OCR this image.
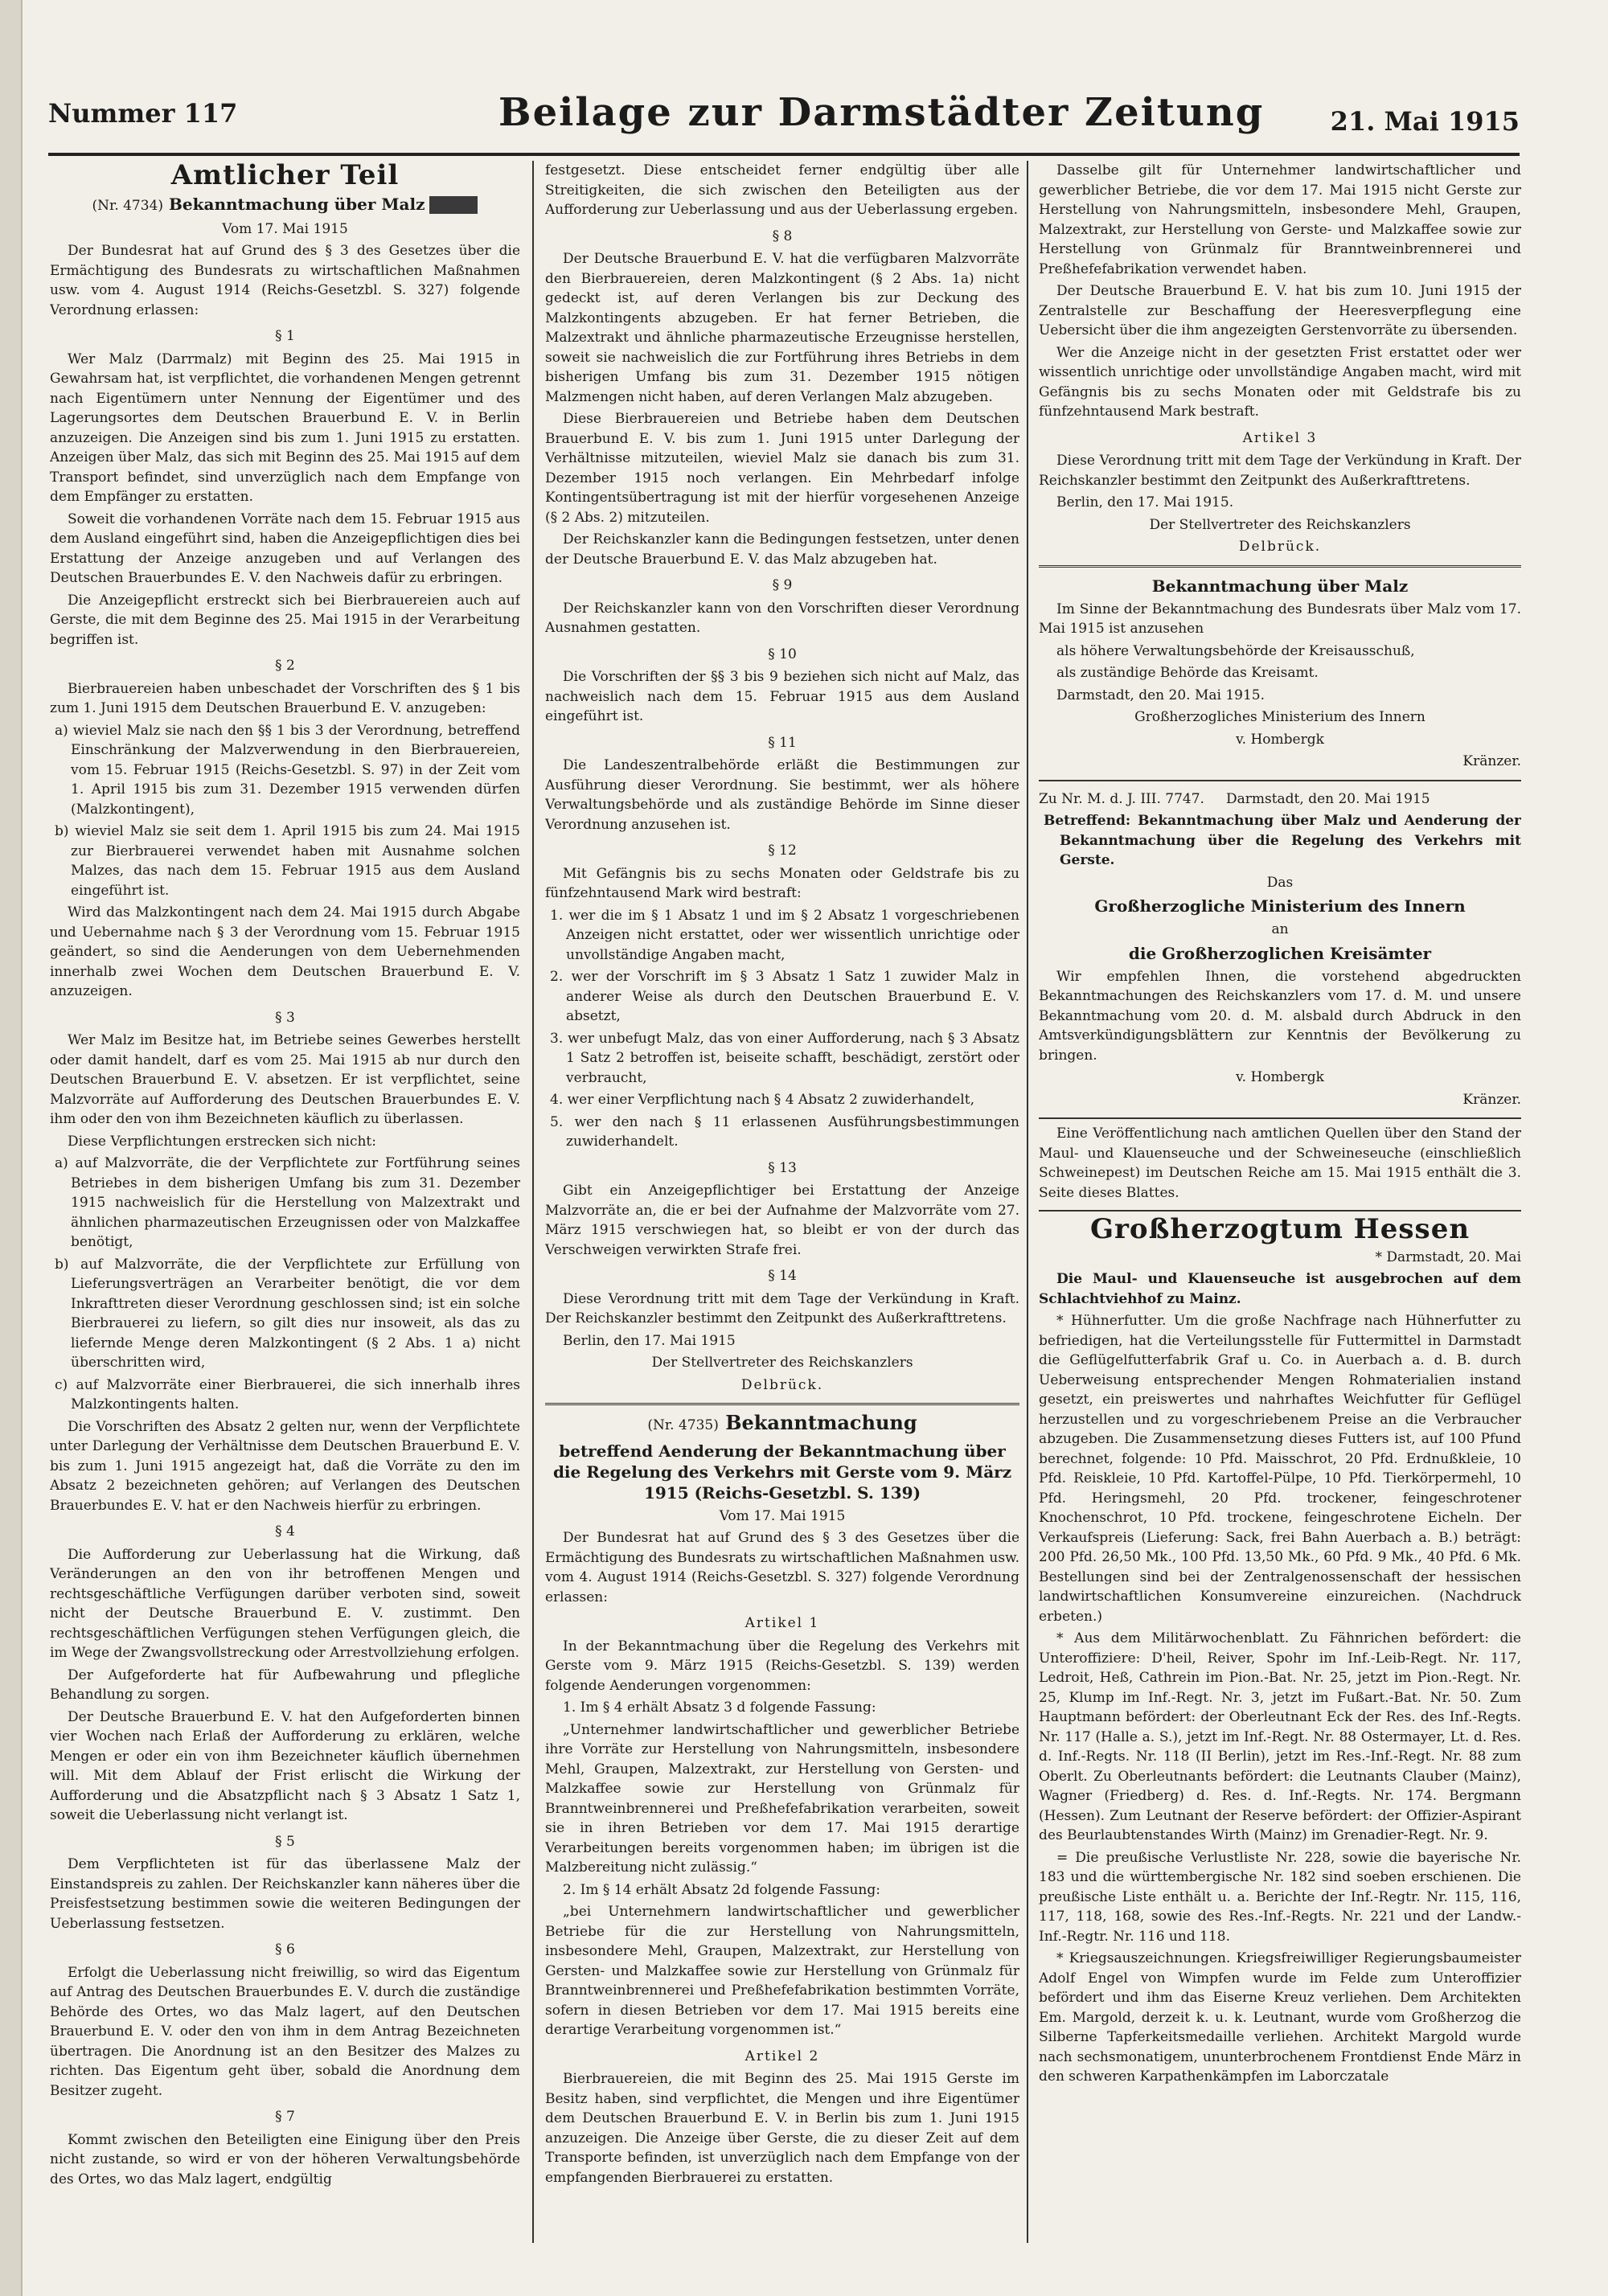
Nummer 117	Beilage zur Darmstädter Zeitung	21. Mai 1915
Amtlicher Teil
(Nr. 4734) Bekanntmachung über Malz

Vom 17. Mai 1915

Der Bundesrat hat auf Grund des § 3 des Gesetzes über die Ermächtigung des Bundesrats zu wirtschaftlichen Maßnahmen usw. vom 4. August 1914 (Reichs-Gesetzbl. S. 327) folgende Verordnung erlassen:

§ 1

Wer Malz (Darrmalz) mit Beginn des 25. Mai 1915 in Gewahrsam hat, ist verpflichtet, die vorhandenen Mengen getrennt nach Eigentümern unter Nennung der Eigentümer und des Lagerungsortes dem Deutschen Brauerbund E. V. in Berlin anzuzeigen. Die Anzeigen sind bis zum 1. Juni 1915 zu erstatten. Anzeigen über Malz, das sich mit Beginn des 25. Mai 1915 auf dem Transport befindet, sind unverzüglich nach dem Empfange von dem Empfänger zu erstatten.

Soweit die vorhandenen Vorräte nach dem 15. Februar 1915 aus dem Ausland eingeführt sind, haben die Anzeigepflichtigen dies bei Erstattung der Anzeige anzugeben und auf Verlangen des Deutschen Brauerbundes E. V. den Nachweis dafür zu erbringen.

Die Anzeigepflicht erstreckt sich bei Bierbrauereien auch auf Gerste, die mit dem Beginne des 25. Mai 1915 in der Verarbeitung begriffen ist.

§ 2

Bierbrauereien haben unbeschadet der Vorschriften des § 1 bis zum 1. Juni 1915 dem Deutschen Brauerbund E. V. anzugeben:

a) wieviel Malz sie nach den §§ 1 bis 3 der Verordnung, betreffend Einschränkung der Malzverwendung in den Bierbrauereien, vom 15. Februar 1915 (Reichs-Gesetzbl. S. 97) in der Zeit vom 1. April 1915 bis zum 31. Dezember 1915 verwenden dürfen (Malzkontingent),

b) wieviel Malz sie seit dem 1. April 1915 bis zum 24. Mai 1915 zur Bierbrauerei verwendet haben mit Ausnahme solchen Malzes, das nach dem 15. Februar 1915 aus dem Ausland eingeführt ist.

Wird das Malzkontingent nach dem 24. Mai 1915 durch Abgabe und Uebernahme nach § 3 der Verordnung vom 15. Februar 1915 geändert, so sind die Aenderungen von dem Uebernehmenden innerhalb zwei Wochen dem Deutschen Brauerbund E. V. anzuzeigen.

§ 3

Wer Malz im Besitze hat, im Betriebe seines Gewerbes herstellt oder damit handelt, darf es vom 25. Mai 1915 ab nur durch den Deutschen Brauerbund E. V. absetzen. Er ist verpflichtet, seine Malzvorräte auf Aufforderung des Deutschen Brauerbundes E. V. ihm oder den von ihm Bezeichneten käuflich zu überlassen.

Diese Verpflichtungen erstrecken sich nicht:

a) auf Malzvorräte, die der Verpflichtete zur Fortführung seines Betriebes in dem bisherigen Umfang bis zum 31. Dezember 1915 nachweislich für die Herstellung von Malzextrakt und ähnlichen pharmazeutischen Erzeugnissen oder von Malzkaffee benötigt,

b) auf Malzvorräte, die der Verpflichtete zur Erfüllung von Lieferungsverträgen an Verarbeiter benötigt, die vor dem Inkrafttreten dieser Verordnung geschlossen sind; ist ein solche Bierbrauerei zu liefern, so gilt dies nur insoweit, als das zu liefernde Menge deren Malzkontingent (§ 2 Abs. 1 a) nicht überschritten wird,

c) auf Malzvorräte einer Bierbrauerei, die sich innerhalb ihres Malzkontingents halten.

Die Vorschriften des Absatz 2 gelten nur, wenn der Verpflichtete unter Darlegung der Verhältnisse dem Deutschen Brauerbund E. V. bis zum 1. Juni 1915 angezeigt hat, daß die Vorräte zu den im Absatz 2 bezeichneten gehören; auf Verlangen des Deutschen Brauerbundes E. V. hat er den Nachweis hierfür zu erbringen.

§ 4

Die Aufforderung zur Ueberlassung hat die Wirkung, daß Veränderungen an den von ihr betroffenen Mengen und rechtsgeschäftliche Verfügungen darüber verboten sind, soweit nicht der Deutsche Brauerbund E. V. zustimmt. Den rechtsgeschäftlichen Verfügungen stehen Verfügungen gleich, die im Wege der Zwangsvollstreckung oder Arrestvollziehung erfolgen.

Der Aufgeforderte hat für Aufbewahrung und pflegliche Behandlung zu sorgen.

Der Deutsche Brauerbund E. V. hat den Aufgeforderten binnen vier Wochen nach Erlaß der Aufforderung zu erklären, welche Mengen er oder ein von ihm Bezeichneter käuflich übernehmen will. Mit dem Ablauf der Frist erlischt die Wirkung der Aufforderung und die Absatzpflicht nach § 3 Absatz 1 Satz 1, soweit die Ueberlassung nicht verlangt ist.

§ 5

Dem Verpflichteten ist für das überlassene Malz der Einstandspreis zu zahlen. Der Reichskanzler kann näheres über die Preisfestsetzung bestimmen sowie die weiteren Bedingungen der Ueberlassung festsetzen.

§ 6

Erfolgt die Ueberlassung nicht freiwillig, so wird das Eigentum auf Antrag des Deutschen Brauerbundes E. V. durch die zuständige Behörde des Ortes, wo das Malz lagert, auf den Deutschen Brauerbund E. V. oder den von ihm in dem Antrag Bezeichneten übertragen. Die Anordnung ist an den Besitzer des Malzes zu richten. Das Eigentum geht über, sobald die Anordnung dem Besitzer zugeht.

§ 7

Kommt zwischen den Beteiligten eine Einigung über den Preis nicht zustande, so wird er von der höheren Verwaltungsbehörde des Ortes, wo das Malz lagert, endgültig

festgesetzt. Diese entscheidet ferner endgültig über alle Streitigkeiten, die sich zwischen den Beteiligten aus der Aufforderung zur Ueberlassung und aus der Ueberlassung ergeben.

§ 8

Der Deutsche Brauerbund E. V. hat die verfügbaren Malzvorräte den Bierbrauereien, deren Malzkontingent (§ 2 Abs. 1a) nicht gedeckt ist, auf deren Verlangen bis zur Deckung des Malzkontingents abzugeben. Er hat ferner Betrieben, die Malzextrakt und ähnliche pharmazeutische Erzeugnisse herstellen, soweit sie nachweislich die zur Fortführung ihres Betriebs in dem bisherigen Umfang bis zum 31. Dezember 1915 nötigen Malzmengen nicht haben, auf deren Verlangen Malz abzugeben.

Diese Bierbrauereien und Betriebe haben dem Deutschen Brauerbund E. V. bis zum 1. Juni 1915 unter Darlegung der Verhältnisse mitzuteilen, wieviel Malz sie danach bis zum 31. Dezember 1915 noch verlangen. Ein Mehrbedarf infolge Kontingentsübertragung ist mit der hierfür vorgesehenen Anzeige (§ 2 Abs. 2) mitzuteilen.

Der Reichskanzler kann die Bedingungen festsetzen, unter denen der Deutsche Brauerbund E. V. das Malz abzugeben hat.

§ 9

Der Reichskanzler kann von den Vorschriften dieser Verordnung Ausnahmen gestatten.

§ 10

Die Vorschriften der §§ 3 bis 9 beziehen sich nicht auf Malz, das nachweislich nach dem 15. Februar 1915 aus dem Ausland eingeführt ist.

§ 11

Die Landeszentralbehörde erläßt die Bestimmungen zur Ausführung dieser Verordnung. Sie bestimmt, wer als höhere Verwaltungsbehörde und als zuständige Behörde im Sinne dieser Verordnung anzusehen ist.

§ 12

Mit Gefängnis bis zu sechs Monaten oder Geldstrafe bis zu fünfzehntausend Mark wird bestraft:

1. wer die im § 1 Absatz 1 und im § 2 Absatz 1 vorgeschriebenen Anzeigen nicht erstattet, oder wer wissentlich unrichtige oder unvollständige Angaben macht,

2. wer der Vorschrift im § 3 Absatz 1 Satz 1 zuwider Malz in anderer Weise als durch den Deutschen Brauerbund E. V. absetzt,

3. wer unbefugt Malz, das von einer Aufforderung, nach § 3 Absatz 1 Satz 2 betroffen ist, beiseite schafft, beschädigt, zerstört oder verbraucht,

4. wer einer Verpflichtung nach § 4 Absatz 2 zuwiderhandelt,

5. wer den nach § 11 erlassenen Ausführungsbestimmungen zuwiderhandelt.

§ 13

Gibt ein Anzeigepflichtiger bei Erstattung der Anzeige Malzvorräte an, die er bei der Aufnahme der Malzvorräte vom 27. März 1915 verschwiegen hat, so bleibt er von der durch das Verschweigen verwirkten Strafe frei.

§ 14

Diese Verordnung tritt mit dem Tage der Verkündung in Kraft. Der Reichskanzler bestimmt den Zeitpunkt des Außerkrafttretens.

Berlin, den 17. Mai 1915

Der Stellvertreter des Reichskanzlers

Delbrück.

(Nr. 4735) Bekanntmachung
betreffend Aenderung der Bekanntmachung über die Regelung des Verkehrs mit Gerste vom 9. März 1915 (Reichs-Gesetzbl. S. 139)

Vom 17. Mai 1915

Der Bundesrat hat auf Grund des § 3 des Gesetzes über die Ermächtigung des Bundesrats zu wirtschaftlichen Maßnahmen usw. vom 4. August 1914 (Reichs-Gesetzbl. S. 327) folgende Verordnung erlassen:

Artikel 1

In der Bekanntmachung über die Regelung des Verkehrs mit Gerste vom 9. März 1915 (Reichs-Gesetzbl. S. 139) werden folgende Aenderungen vorgenommen:

1. Im § 4 erhält Absatz 3 d folgende Fassung:

„Unternehmer landwirtschaftlicher und gewerblicher Betriebe ihre Vorräte zur Herstellung von Nahrungsmitteln, insbesondere Mehl, Graupen, Malzextrakt, zur Herstellung von Gersten- und Malzkaffee sowie zur Herstellung von Grünmalz für Branntweinbrennerei und Preßhefefabrikation verarbeiten, soweit sie in ihren Betrieben vor dem 17. Mai 1915 derartige Verarbeitungen bereits vorgenommen haben; im übrigen ist die Malzbereitung nicht zulässig.“

2. Im § 14 erhält Absatz 2d folgende Fassung:

„bei Unternehmern landwirtschaftlicher und gewerblicher Betriebe für die zur Herstellung von Nahrungsmitteln, insbesondere Mehl, Graupen, Malzextrakt, zur Herstellung von Gersten- und Malzkaffee sowie zur Herstellung von Grünmalz für Branntweinbrennerei und Preßhefefabrikation bestimmten Vorräte, sofern in diesen Betrieben vor dem 17. Mai 1915 bereits eine derartige Verarbeitung vorgenommen ist.“

Artikel 2

Bierbrauereien, die mit Beginn des 25. Mai 1915 Gerste im Besitz haben, sind verpflichtet, die Mengen und ihre Eigentümer dem Deutschen Brauerbund E. V. in Berlin bis zum 1. Juni 1915 anzuzeigen. Die Anzeige über Gerste, die zu dieser Zeit auf dem Transporte befinden, ist unverzüglich nach dem Empfange von der empfangenden Bierbrauerei zu erstatten.

Dasselbe gilt für Unternehmer landwirtschaftlicher und gewerblicher Betriebe, die vor dem 17. Mai 1915 nicht Gerste zur Herstellung von Nahrungsmitteln, insbesondere Mehl, Graupen, Malzextrakt, zur Herstellung von Gerste- und Malzkaffee sowie zur Herstellung von Grünmalz für Branntweinbrennerei und Preßhefefabrikation verwendet haben.

Der Deutsche Brauerbund E. V. hat bis zum 10. Juni 1915 der Zentralstelle zur Beschaffung der Heeresverpflegung eine Uebersicht über die ihm angezeigten Gerstenvorräte zu übersenden.

Wer die Anzeige nicht in der gesetzten Frist erstattet oder wer wissentlich unrichtige oder unvollständige Angaben macht, wird mit Gefängnis bis zu sechs Monaten oder mit Geldstrafe bis zu fünfzehntausend Mark bestraft.

Artikel 3

Diese Verordnung tritt mit dem Tage der Verkündung in Kraft. Der Reichskanzler bestimmt den Zeitpunkt des Außerkrafttretens.

Berlin, den 17. Mai 1915.

Der Stellvertreter des Reichskanzlers

Delbrück.

Bekanntmachung über Malz

Im Sinne der Bekanntmachung des Bundesrats über Malz vom 17. Mai 1915 ist anzusehen

als höhere Verwaltungsbehörde der Kreisausschuß,

als zuständige Behörde das Kreisamt.

Darmstadt, den 20. Mai 1915.

Großherzogliches Ministerium des Innern

v. Hombergk

Kränzer.

Zu Nr. M. d. J. III. 7747. Darmstadt, den 20. Mai 1915

Betreffend: Bekanntmachung über Malz und Aenderung der Bekanntmachung über die Regelung des Verkehrs mit Gerste.

Das

Großherzogliche Ministerium des Innern

an

die Großherzoglichen Kreisämter

Wir empfehlen Ihnen, die vorstehend abgedruckten Bekanntmachungen des Reichskanzlers vom 17. d. M. und unsere Bekanntmachung vom 20. d. M. alsbald durch Abdruck in den Amtsverkündigungsblättern zur Kenntnis der Bevölkerung zu bringen.

v. Hombergk

Kränzer.

Eine Veröffentlichung nach amtlichen Quellen über den Stand der Maul- und Klauenseuche und der Schweineseuche (einschließlich Schweinepest) im Deutschen Reiche am 15. Mai 1915 enthält die 3. Seite dieses Blattes.

Großherzogtum Hessen

* Darmstadt, 20. Mai

Die Maul- und Klauenseuche ist ausgebrochen auf dem Schlachtviehhof zu Mainz.

* Hühnerfutter. Um die große Nachfrage nach Hühnerfutter zu befriedigen, hat die Verteilungsstelle für Futtermittel in Darmstadt die Geflügelfutterfabrik Graf u. Co. in Auerbach a. d. B. durch Ueberweisung entsprechender Mengen Rohmaterialien instand gesetzt, ein preiswertes und nahrhaftes Weichfutter für Geflügel herzustellen und zu vorgeschriebenem Preise an die Verbraucher abzugeben. Die Zusammensetzung dieses Futters ist, auf 100 Pfund berechnet, folgende: 10 Pfd. Maisschrot, 20 Pfd. Erdnußkleie, 10 Pfd. Reiskleie, 10 Pfd. Kartoffel-Pülpe, 10 Pfd. Tierkörpermehl, 10 Pfd. Heringsmehl, 20 Pfd. trockener, feingeschrotener Knochenschrot, 10 Pfd. trockene, feingeschrotene Eicheln. Der Verkaufspreis (Lieferung: Sack, frei Bahn Auerbach a. B.) beträgt: 200 Pfd. 26,50 Mk., 100 Pfd. 13,50 Mk., 60 Pfd. 9 Mk., 40 Pfd. 6 Mk. Bestellungen sind bei der Zentralgenossenschaft der hessischen landwirtschaftlichen Konsumvereine einzureichen. (Nachdruck erbeten.)

* Aus dem Militärwochenblatt. Zu Fähnrichen befördert: die Unteroffiziere: D'heil, Reiver, Spohr im Inf.-Leib-Regt. Nr. 117, Ledroit, Heß, Cathrein im Pion.-Bat. Nr. 25, jetzt im Pion.-Regt. Nr. 25, Klump im Inf.-Regt. Nr. 3, jetzt im Fußart.-Bat. Nr. 50. Zum Hauptmann befördert: der Oberleutnant Eck der Res. des Inf.-Regts. Nr. 117 (Halle a. S.), jetzt im Inf.-Regt. Nr. 88 Ostermayer, Lt. d. Res. d. Inf.-Regts. Nr. 118 (II Berlin), jetzt im Res.-Inf.-Regt. Nr. 88 zum Oberlt. Zu Oberleutnants befördert: die Leutnants Clauber (Mainz), Wagner (Friedberg) d. Res. d. Inf.-Regts. Nr. 174. Bergmann (Hessen). Zum Leutnant der Reserve befördert: der Offizier-Aspirant des Beurlaubtenstandes Wirth (Mainz) im Grenadier-Regt. Nr. 9.

= Die preußische Verlustliste Nr. 228, sowie die bayerische Nr. 183 und die württembergische Nr. 182 sind soeben erschienen. Die preußische Liste enthält u. a. Berichte der Inf.-Regtr. Nr. 115, 116, 117, 118, 168, sowie des Res.-Inf.-Regts. Nr. 221 und der Landw.-Inf.-Regtr. Nr. 116 und 118.

* Kriegsauszeichnungen. Kriegsfreiwilliger Regierungsbaumeister Adolf Engel von Wimpfen wurde im Felde zum Unteroffizier befördert und ihm das Eiserne Kreuz verliehen. Dem Architekten Em. Margold, derzeit k. u. k. Leutnant, wurde vom Großherzog die Silberne Tapferkeitsmedaille verliehen. Architekt Margold wurde nach sechsmonatigem, ununterbrochenem Frontdienst Ende März in den schweren Karpathenkämpfen im Laborczatale
